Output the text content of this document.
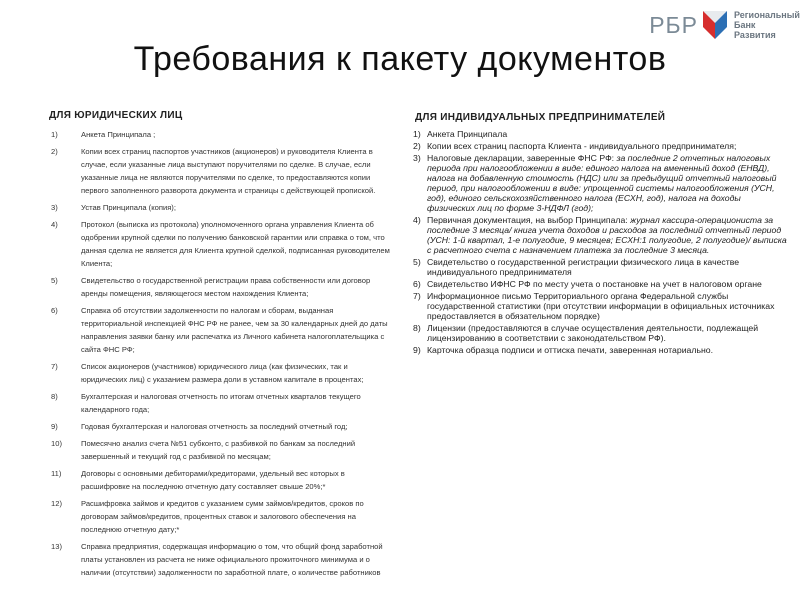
РБР	Региональный Банк Развития
Требования к пакету документов
ДЛЯ ЮРИДИЧЕСКИХ ЛИЦ
1)	Анкета Принципала ;
2)	Копии всех страниц паспортов участников (акционеров) и руководителя Клиента в случае, если указанные лица выступают поручителями по сделке. В случае, если указанные лица не являются поручителями по сделке, то предоставляются копии первого заполненного разворота документа и страницы с действующей пропиской.
3)	Устав Принципала (копия);
4)	Протокол (выписка из протокола) уполномоченного органа управления Клиента об одобрении крупной сделки по получению банковской гарантии или справка о том, что данная сделка не является для Клиента крупной сделкой, подписанная руководителем Клиента;
5)	Свидетельство о государственной регистрации права собственности или договор аренды помещения, являющегося местом нахождения Клиента;
6)	Справка об отсутствии задолженности по налогам и сборам, выданная территориальной инспекцией ФНС РФ не ранее, чем за 30 календарных дней до даты направления заявки банку или распечатка из Личного кабинета налогоплательщика с сайта ФНС РФ;
7)	Список акционеров (участников) юридического лица (как физических, так и юридических лиц) с указанием размера доли в уставном капитале в процентах;
8)	Бухгалтерская и налоговая отчетность по итогам отчетных кварталов текущего календарного года;
9)	Годовая бухгалтерская и налоговая отчетность за последний отчетный год;
10)	Помесячно анализ счета №51 субконто, с разбивкой по банкам за последний завершенный и текущий год с разбивкой по месяцам;
11)	Договоры с основными дебиторами/кредиторами, удельный вес которых в расшифровке на последнюю отчетную дату составляет свыше 20%;*
12)	Расшифровка займов и кредитов с указанием сумм займов/кредитов, сроков по договорам займов/кредитов, процентных ставок и залогового обеспечения на последнюю отчетную дату;*
13)	Справка предприятия, содержащая информацию о том, что общий фонд заработной платы установлен из расчета не ниже официального прожиточного минимума и о наличии (отсутствии) задолженности по заработной плате, о количестве работников
ДЛЯ ИНДИВИДУАЛЬНЫХ ПРЕДПРИНИМАТЕЛЕЙ
1) Анкета Принципала
2) Копии всех страниц паспорта Клиента - индивидуального предпринимателя;
3) Налоговые декларации, заверенные ФНС РФ: за последние 2 отчетных налоговых периода при налогообложении в виде: единого налога на вмененный доход (ЕНВД), налога на добавленную стоимость (НДС) или за предыдущий отчетный налоговый период, при налогообложении в виде: упрощенной системы налогообложения (УСН, год), единого сельскохозяйственного налога (ЕСХН, год), налога на доходы физических лиц по форме 3-НДФЛ (год);
4) Первичная документация, на выбор Принципала: журнал кассира-операциониста за последние 3 месяца/ книга учета доходов и расходов за последний отчетный период (УСН: 1-й квартал, 1-е полугодие, 9 месяцев; ЕСХН:1 полугодие, 2 полугодие)/ выписка с расчетного счета с назначением платежа за последние 3 месяца.
5) Свидетельство о государственной регистрации физического лица в качестве индивидуального предпринимателя
6) Свидетельство ИФНС РФ по месту учета о постановке на учет в налоговом органе
7) Информационное письмо Территориального органа Федеральной службы государственной статистики (при отсутствии информации в официальных источниках предоставляется в обязательном порядке)
8) Лицензии (предоставляются в случае осуществления деятельности, подлежащей лицензированию в соответствии с законодательством РФ).
9) Карточка образца подписи и оттиска печати, заверенная нотариально.
